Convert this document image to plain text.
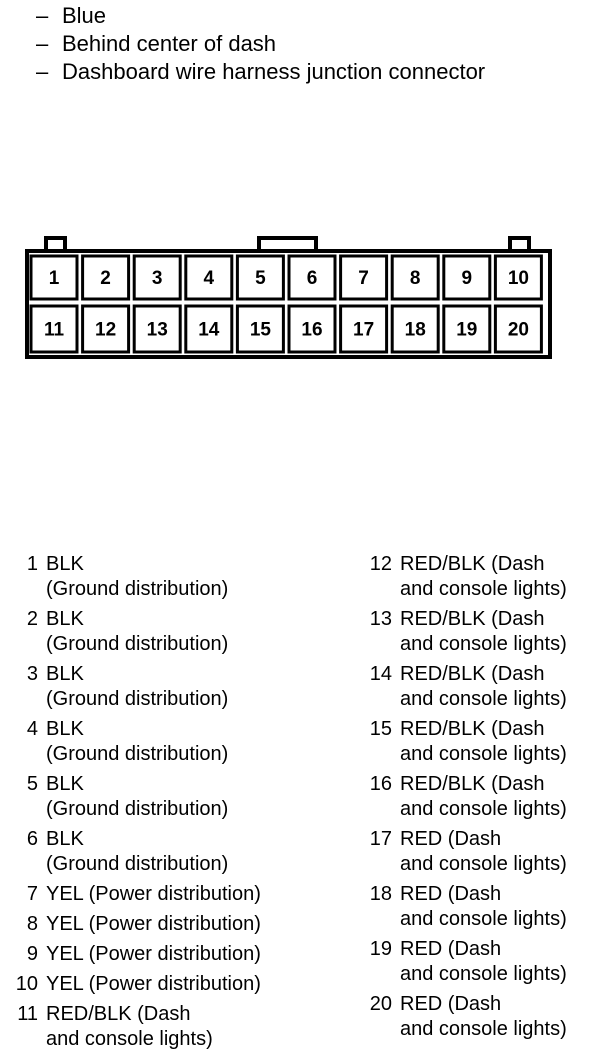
– Blue
– Behind center of dash
– Dashboard wire harness junction connector
1 2 3 4 5 6 7 8 9 10
11 12 13 14 15 16 17 18 19 20
1 BLK
(Ground distribution)
2 BLK
(Ground distribution)
3 BLK
(Ground distribution)
4 BLK
(Ground distribution)
5 BLK
(Ground distribution)
6 BLK
(Ground distribution)
7 YEL (Power distribution)
8 YEL (Power distribution)
9 YEL (Power distribution)
10 YEL (Power distribution)
11 RED/BLK (Dash
and console lights)
12 RED/BLK (Dash
and console lights)
13 RED/BLK (Dash
and console lights)
14 RED/BLK (Dash
and console lights)
15 RED/BLK (Dash
and console lights)
16 RED/BLK (Dash
and console lights)
17 RED (Dash
and console lights)
18 RED (Dash
and console lights)
19 RED (Dash
and console lights)
20 RED (Dash
and console lights)
